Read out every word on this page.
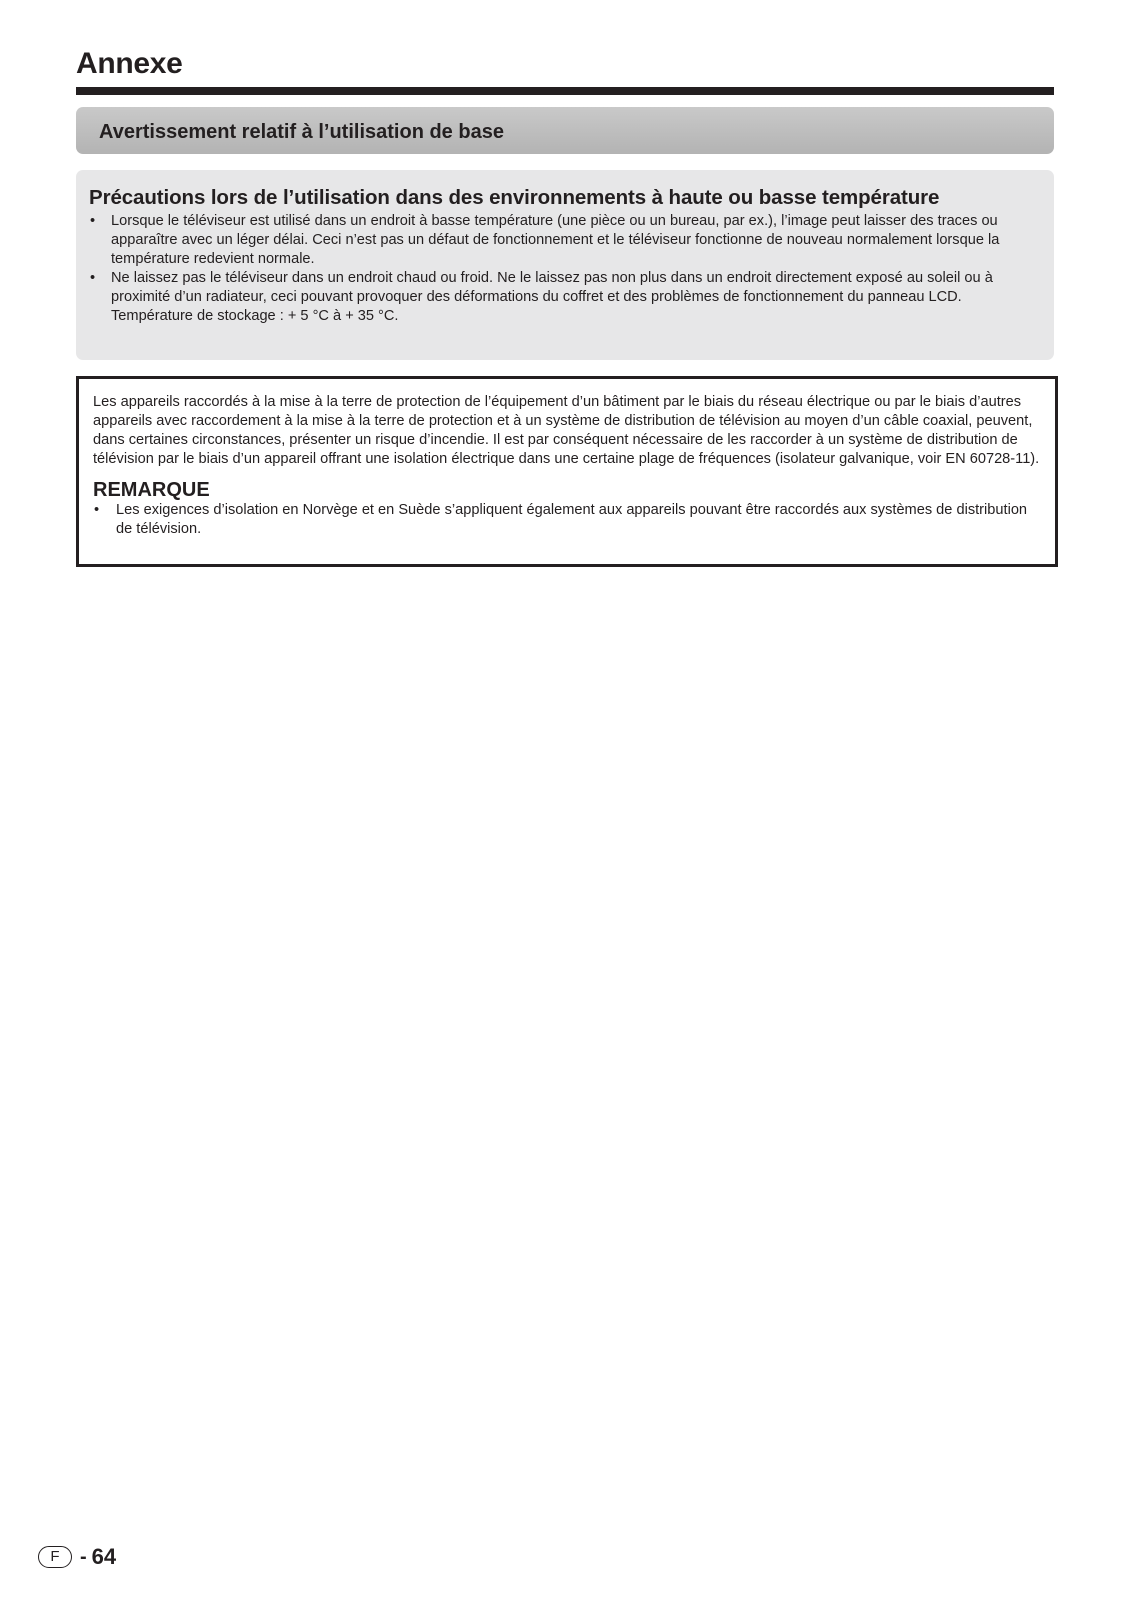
Annexe
Avertissement relatif à l’utilisation de base
Précautions lors de l’utilisation dans des environnements à haute ou basse température
• Lorsque le téléviseur est utilisé dans un endroit à basse température (une pièce ou un bureau, par ex.), l’image peut laisser des traces ou apparaître avec un léger délai. Ceci n’est pas un défaut de fonctionnement et le téléviseur fonctionne de nouveau normalement lorsque la température redevient normale.
• Ne laissez pas le téléviseur dans un endroit chaud ou froid. Ne le laissez pas non plus dans un endroit directement exposé au soleil ou à proximité d’un radiateur, ceci pouvant provoquer des déformations du coffret et des problèmes de fonctionnement du panneau LCD.
Température de stockage : + 5 °C à + 35 °C.

Les appareils raccordés à la mise à la terre de protection de l’équipement d’un bâtiment par le biais du réseau électrique ou par le biais d’autres appareils avec raccordement à la mise à la terre de protection et à un système de distribution de télévision au moyen d’un câble coaxial, peuvent, dans certaines circonstances, présenter un risque d’incendie. Il est par conséquent nécessaire de les raccorder à un système de distribution de télévision par le biais d’un appareil offrant une isolation électrique dans une certaine plage de fréquences (isolateur galvanique, voir EN 60728-11).

REMARQUE
• Les exigences d’isolation en Norvège et en Suède s’appliquent également aux appareils pouvant être raccordés aux systèmes de distribution de télévision.
F	- 64
